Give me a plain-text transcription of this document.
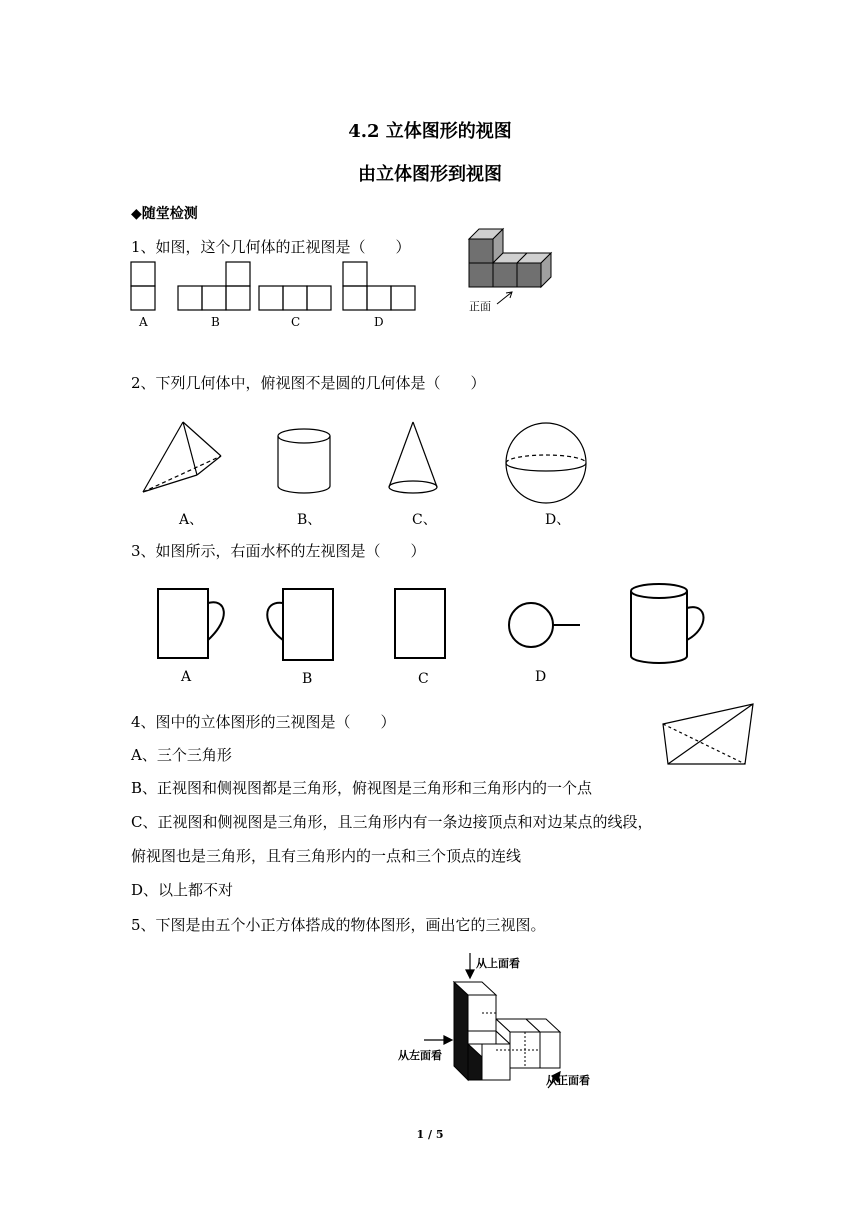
4.2 立体图形的视图
由立体图形到视图
◆随堂检测
1、如图，这个几何体的正视图是（　　）
A	B	C	D
正面
2、下列几何体中，俯视图不是圆的几何体是（　　）
A、	B、	C、	D、
3、如图所示，右面水杯的左视图是（　　）
A	B	C	D
4、图中的立体图形的三视图是（　　）
A、三个三角形
B、正视图和侧视图都是三角形，俯视图是三角形和三角形内的一个点
C、正视图和侧视图是三角形，且三角形内有一条边接顶点和对边某点的线段，
俯视图也是三角形，且有三角形内的一点和三个顶点的连线
D、以上都不对
5、下图是由五个小正方体搭成的物体图形，画出它的三视图。
从上面看
从左面看
从正面看
1 / 5
